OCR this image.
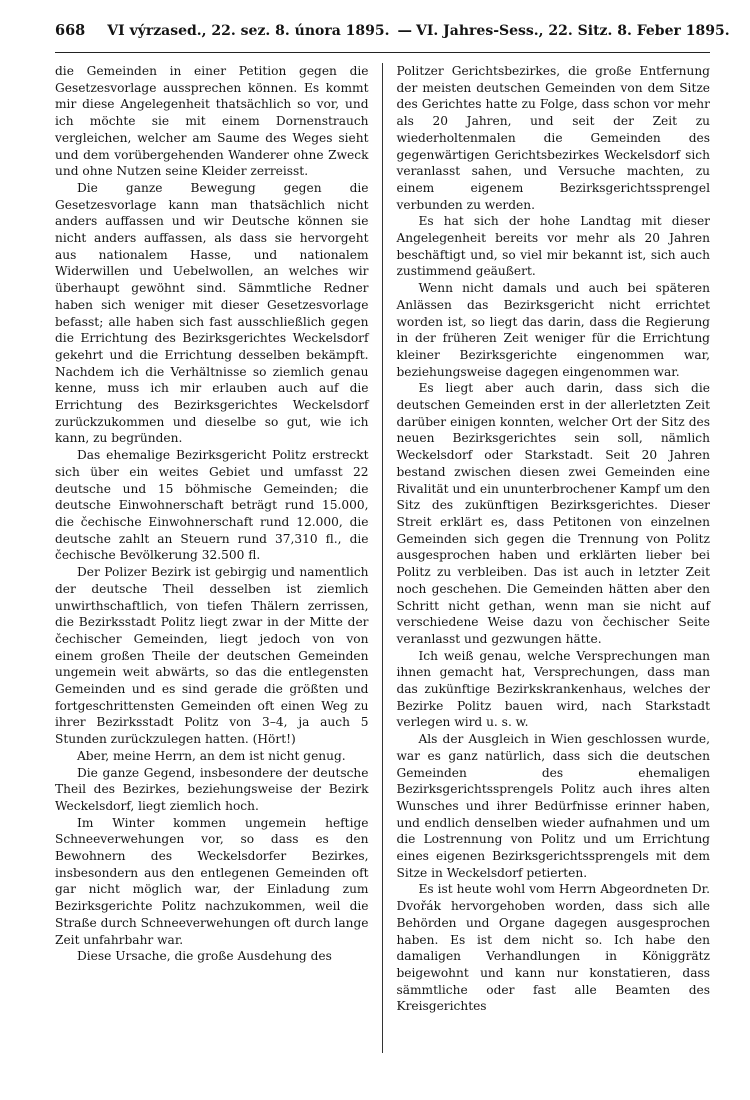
668 VI výrzased., 22. sez. 8. února 1895. — VI. Jahres-Sess., 22. Sitz. 8. Feber 1895.

die Gemeinden in einer Petition gegen die Gesetzesvorlage aussprechen können. Es kommt mir diese Angelegenheit thatsächlich so vor, und ich möchte sie mit einem Dornenstrauch vergleichen, welcher am Saume des Weges sieht und dem vorübergehenden Wanderer ohne Zweck und ohne Nutzen seine Kleider zerreisst.

Die ganze Bewegung gegen die Gesetzesvorlage kann man thatsächlich nicht anders auffassen und wir Deutsche können sie nicht anders auffassen, als dass sie hervorgeht aus nationalem Hasse, und nationalem Widerwillen und Uebelwollen, an welches wir überhaupt gewöhnt sind. Sämmtliche Redner haben sich weniger mit dieser Gesetzesvorlage befasst; alle haben sich fast ausschließlich gegen die Errichtung des Bezirksgerichtes Weckelsdorf gekehrt und die Errichtung desselben bekämpft. Nachdem ich die Verhältnisse so ziemlich genau kenne, muss ich mir erlauben auch auf die Errichtung des Bezirksgerichtes Weckelsdorf zurückzukommen und dieselbe so gut, wie ich kann, zu begründen.

Das ehemalige Bezirksgericht Politz erstreckt sich über ein weites Gebiet und umfasst 22 deutsche und 15 böhmische Gemeinden; die deutsche Einwohnerschaft beträgt rund 15.000, die čechische Einwohnerschaft rund 12.000, die deutsche zahlt an Steuern rund 37,310 fl., die čechische Bevölkerung 32.500 fl.

Der Polizer Bezirk ist gebirgig und namentlich der deutsche Theil desselben ist ziemlich unwirthschaftlich, von tiefen Thälern zerrissen, die Bezirksstadt Politz liegt zwar in der Mitte der čechischer Gemeinden, liegt jedoch von von einem großen Theile der deutschen Gemeinden ungemein weit abwärts, so das die entlegensten Gemeinden und es sind gerade die größten und fortgeschrittensten Gemeinden oft einen Weg zu ihrer Bezirksstadt Politz von 3–4, ja auch 5 Stunden zurückzulegen hatten. (Hört!)

Aber, meine Herrn, an dem ist nicht genug.

Die ganze Gegend, insbesondere der deutsche Theil des Bezirkes, beziehungsweise der Bezirk Weckelsdorf, liegt ziemlich hoch.

Im Winter kommen ungemein heftige Schneeverwehungen vor, so dass es den Bewohnern des Weckelsdorfer Bezirkes, insbesondern aus den entlegenen Gemeinden oft gar nicht möglich war, der Einladung zum Bezirksgerichte Politz nachzukommen, weil die Straße durch Schneeverwehungen oft durch lange Zeit unfahrbahr war.

Diese Ursache, die große Ausdehung des

Politzer Gerichtsbezirkes, die große Entfernung der meisten deutschen Gemeinden von dem Sitze des Gerichtes hatte zu Folge, dass schon vor mehr als 20 Jahren, und seit der Zeit zu wiederholtenmalen die Gemeinden des gegenwärtigen Gerichtsbezirkes Weckelsdorf sich veranlasst sahen, und Versuche machten, zu einem eigenem Bezirksgerichtssprengel verbunden zu werden.

Es hat sich der hohe Landtag mit dieser Angelegenheit bereits vor mehr als 20 Jahren beschäftigt und, so viel mir bekannt ist, sich auch zustimmend geäußert.

Wenn nicht damals und auch bei späteren Anlässen das Bezirksgericht nicht errichtet worden ist, so liegt das darin, dass die Regierung in der früheren Zeit weniger für die Errichtung kleiner Bezirksgerichte eingenommen war, beziehungsweise dagegen eingenommen war.

Es liegt aber auch darin, dass sich die deutschen Gemeinden erst in der allerletzten Zeit darüber einigen konnten, welcher Ort der Sitz des neuen Bezirksgerichtes sein soll, nämlich Weckelsdorf oder Starkstadt. Seit 20 Jahren bestand zwischen diesen zwei Gemeinden eine Rivalität und ein ununterbrochener Kampf um den Sitz des zukünftigen Bezirksgerichtes. Dieser Streit erklärt es, dass Petitonen von einzelnen Gemeinden sich gegen die Trennung von Politz ausgesprochen haben und erklärten lieber bei Politz zu verbleiben. Das ist auch in letzter Zeit noch geschehen. Die Gemeinden hätten aber den Schritt nicht gethan, wenn man sie nicht auf verschiedene Weise dazu von čechischer Seite veranlasst und gezwungen hätte.

Ich weiß genau, welche Versprechungen man ihnen gemacht hat, Versprechungen, dass man das zukünftige Bezirkskrankenhaus, welches der Bezirke Politz bauen wird, nach Starkstadt verlegen wird u. s. w.

Als der Ausgleich in Wien geschlossen wurde, war es ganz natürlich, dass sich die deutschen Gemeinden des ehemaligen Bezirksgerichtssprengels Politz auch ihres alten Wunsches und ihrer Bedürfnisse erinner haben, und endlich denselben wieder aufnahmen und um die Lostrennung von Politz und um Errichtung eines eigenen Bezirksgerichtssprengels mit dem Sitze in Weckelsdorf petierten.

Es ist heute wohl vom Herrn Abgeordneten Dr. Dvořák hervorgehoben worden, dass sich alle Behörden und Organe dagegen ausgesprochen haben. Es ist dem nicht so. Ich habe den damaligen Verhandlungen in Königgrätz beigewohnt und kann nur konstatieren, dass sämmtliche oder fast alle Beamten des Kreisgerichtes
